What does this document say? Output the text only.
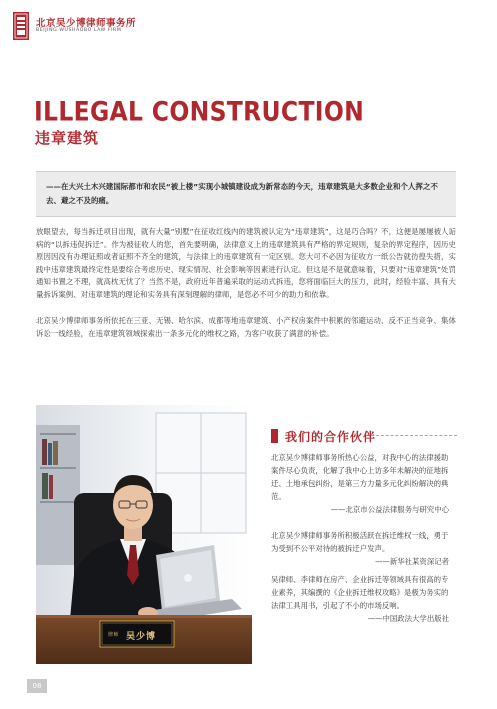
北京吴少博律师事务所
BEIJING WUSHAOBO LAW FIRM
ILLEGAL CONSTRUCTION
违章建筑
——在大兴土木兴建国际都市和农民“被上楼”实现小城镇建设成为新常态的今天，违章建筑是大多数企业和个人挥之不去、避之不及的痛。

放眼望去，每当拆迁项目出现，就有大量“别墅”在征收红线内的建筑被认定为“违章建筑”，这是巧合吗？不，这便是屡屡被人诟病的“以拆违促拆迁”。作为被征收人的您，首先要明确，法律意义上的违章建筑具有严格的界定规则，复杂的界定程序，因历史原因因没有办理证照或者证照不齐全的建筑，与法律上的违章建筑有一定区别。您大可不必因为征收方一纸公告就彷徨失措，实践中违章建筑最终定性是要综合考虑历史、现实情况、社会影响等因素进行认定。但这是不是就意味着，只要对“违章建筑”处罚通知书置之不理，就高枕无忧了？当然不是，政府近年普遍采取的运动式拆违，您将面临巨大的压力，此时，经验丰富、具有大量拆诉案例、对违章建筑的理论和实务具有深刻理解的律师，是您必不可少的助力和依靠。

北京吴少博律师事务所依托在三亚、无锡、哈尔滨、成都等地违章建筑、小产权房案件中积累的邻避运动、反不正当竞争、集体诉讼一线经验，在违章建筑领域探索出一条多元化的维权之路，为客户收获了满意的补偿。

律师 吴少博
我们的合作伙伴
北京吴少博律师事务所热心公益，对我中心的法律援助案件尽心负责，化解了我中心上访多年未解决的征地拆迁、土地承包纠纷，是第三方力量多元化纠纷解决的典范。
——北京市公益法律服务与研究中心
北京吴少博律师事务所积极活跃在拆迁维权一线，勇于为受到不公平对待的被拆迁户发声。
——新华社某资深记者
吴律师、李律师在房产、企业拆迁等领域具有很高的专业素养，其编撰的《企业拆迁维权攻略》是极为务实的法律工具用书，引起了不小的市场反响。
——中国政法大学出版社
08
